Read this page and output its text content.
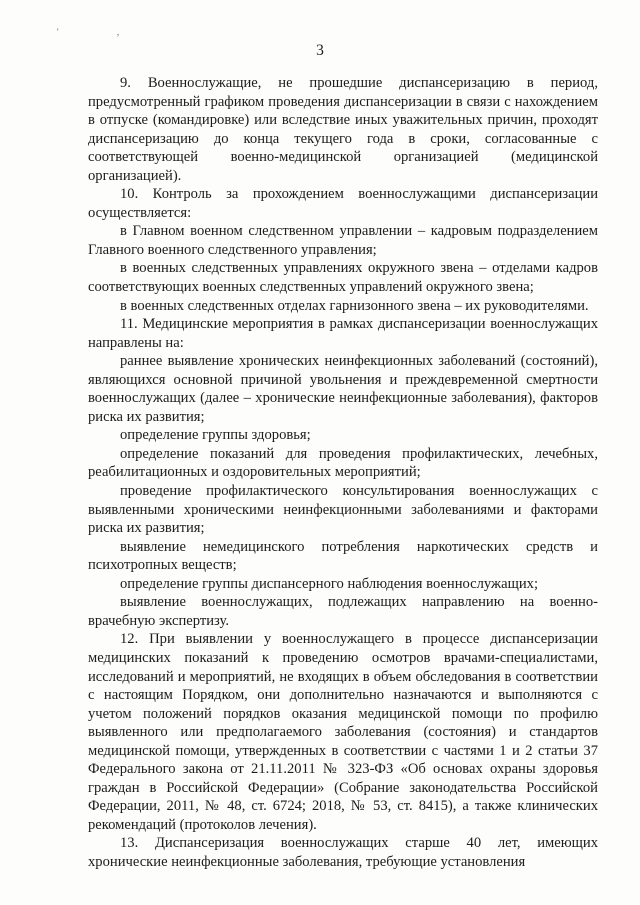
' ,
3

9. Военнослужащие, не прошедшие диспансеризацию в период, предусмотренный графиком проведения диспансеризации в связи с нахождением в отпуске (командировке) или вследствие иных уважительных причин, проходят диспансеризацию до конца текущего года в сроки, согласованные с соответствующей военно-медицинской организацией (медицинской организацией).

10. Контроль за прохождением военнослужащими диспансеризации осуществляется:

в Главном военном следственном управлении – кадровым подразделением Главного военного следственного управления;

в военных следственных управлениях окружного звена – отделами кадров соответствующих военных следственных управлений окружного звена;

в военных следственных отделах гарнизонного звена – их руководителями.

11. Медицинские мероприятия в рамках диспансеризации военнослужащих направлены на:

раннее выявление хронических неинфекционных заболеваний (состояний), являющихся основной причиной увольнения и преждевременной смертности военнослужащих (далее – хронические неинфекционные заболевания), факторов риска их развития;

определение группы здоровья;

определение показаний для проведения профилактических, лечебных, реабилитационных и оздоровительных мероприятий;

проведение профилактического консультирования военнослужащих с выявленными хроническими неинфекционными заболеваниями и факторами риска их развития;

выявление немедицинского потребления наркотических средств и психотропных веществ;

определение группы диспансерного наблюдения военнослужащих;

выявление военнослужащих, подлежащих направлению на военно-врачебную экспертизу.

12. При выявлении у военнослужащего в процессе диспансеризации медицинских показаний к проведению осмотров врачами-специалистами, исследований и мероприятий, не входящих в объем обследования в соответствии с настоящим Порядком, они дополнительно назначаются и выполняются с учетом положений порядков оказания медицинской помощи по профилю выявленного или предполагаемого заболевания (состояния) и стандартов медицинской помощи, утвержденных в соответствии с частями 1 и 2 статьи 37 Федерального закона от 21.11.2011 № 323-ФЗ «Об основах охраны здоровья граждан в Российской Федерации» (Собрание законодательства Российской Федерации, 2011, № 48, ст. 6724; 2018, № 53, ст. 8415), а также клинических рекомендаций (протоколов лечения).

13. Диспансеризация военнослужащих старше 40 лет, имеющих хронические неинфекционные заболевания, требующие установления
